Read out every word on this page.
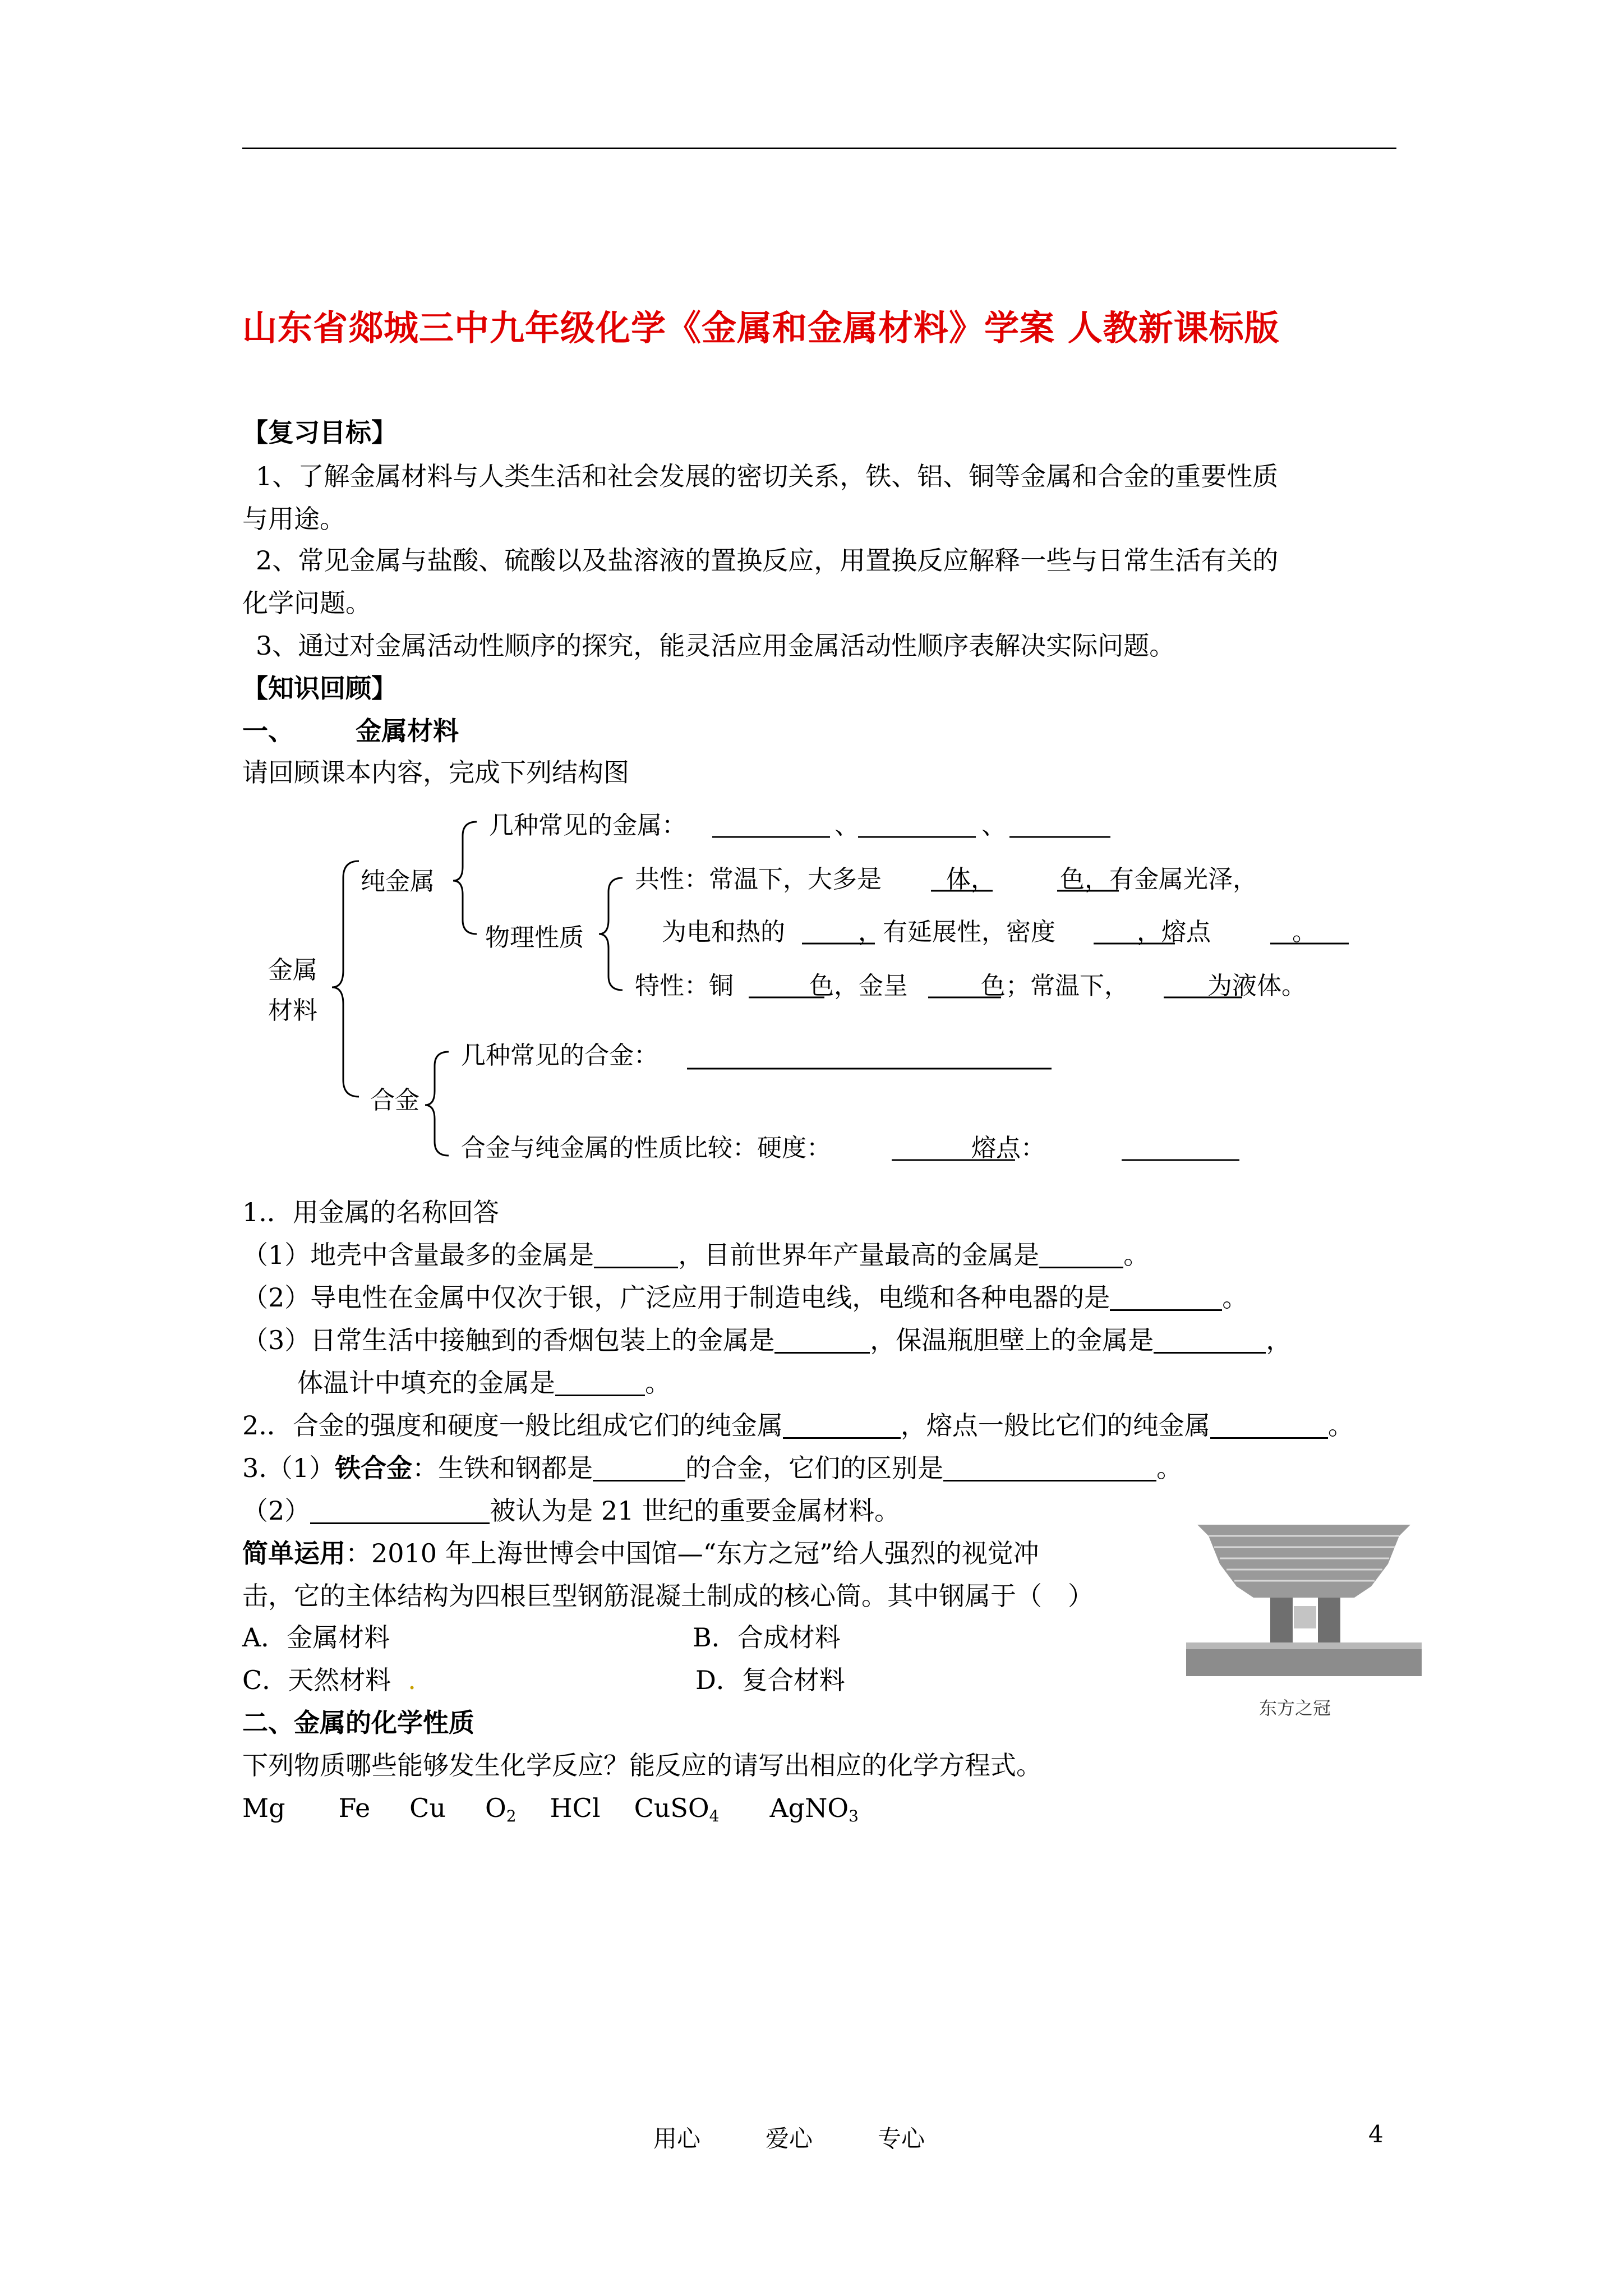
山东省郯城三中九年级化学《金属和金属材料》学案 人教新课标版
【复习目标】
1、了解金属材料与人类生活和社会发展的密切关系，铁、铝、铜等金属和合金的重要性质
与用途。
2、常见金属与盐酸、硫酸以及盐溶液的置换反应，用置换反应解释一些与日常生活有关的
化学问题。
3、通过对金属活动性顺序的探究，能灵活应用金属活动性顺序表解决实际问题。
【知识回顾】
一、 金属材料
请回顾课本内容，完成下列结构图
金属
材料
纯金属
合金
几种常见的金属：	、	、
物理性质
共性：常温下，大多是	体，	色，有金属光泽，
为电和热的	，有延展性，密度	，熔点	。
特性：铜	色，金呈	色；常温下，	为液体。
几种常见的合金：
合金与纯金属的性质比较：硬度：	熔点：
1.．用金属的名称回答
（1）地壳中含量最多的金属是	，目前世界年产量最高的金属是	。
（2）导电性在金属中仅次于银，广泛应用于制造电线，电缆和各种电器的是	。
（3）日常生活中接触到的香烟包装上的金属是	，保温瓶胆壁上的金属是	，
体温计中填充的金属是	。
2.．合金的强度和硬度一般比组成它们的纯金属	，熔点一般比它们的纯金属	。
3.（1）铁合金：生铁和钢都是	的合金，它们的区别是	。
（2）	被认为是 21 世纪的重要金属材料。
简单运用：2010 年上海世博会中国馆—“东方之冠”给人强烈的视觉冲
击，它的主体结构为四根巨型钢筋混凝土制成的核心筒。其中钢属于（　）
A．金属材料	B．合成材料
C．天然材料 .	D．复合材料
东方之冠
二、金属的化学性质
下列物质哪些能够发生化学反应？能反应的请写出相应的化学方程式。
Mg Fe Cu $O_2$ HCl CuSO$_4$ AgNO$_3$
用心	爱心	专心	4
